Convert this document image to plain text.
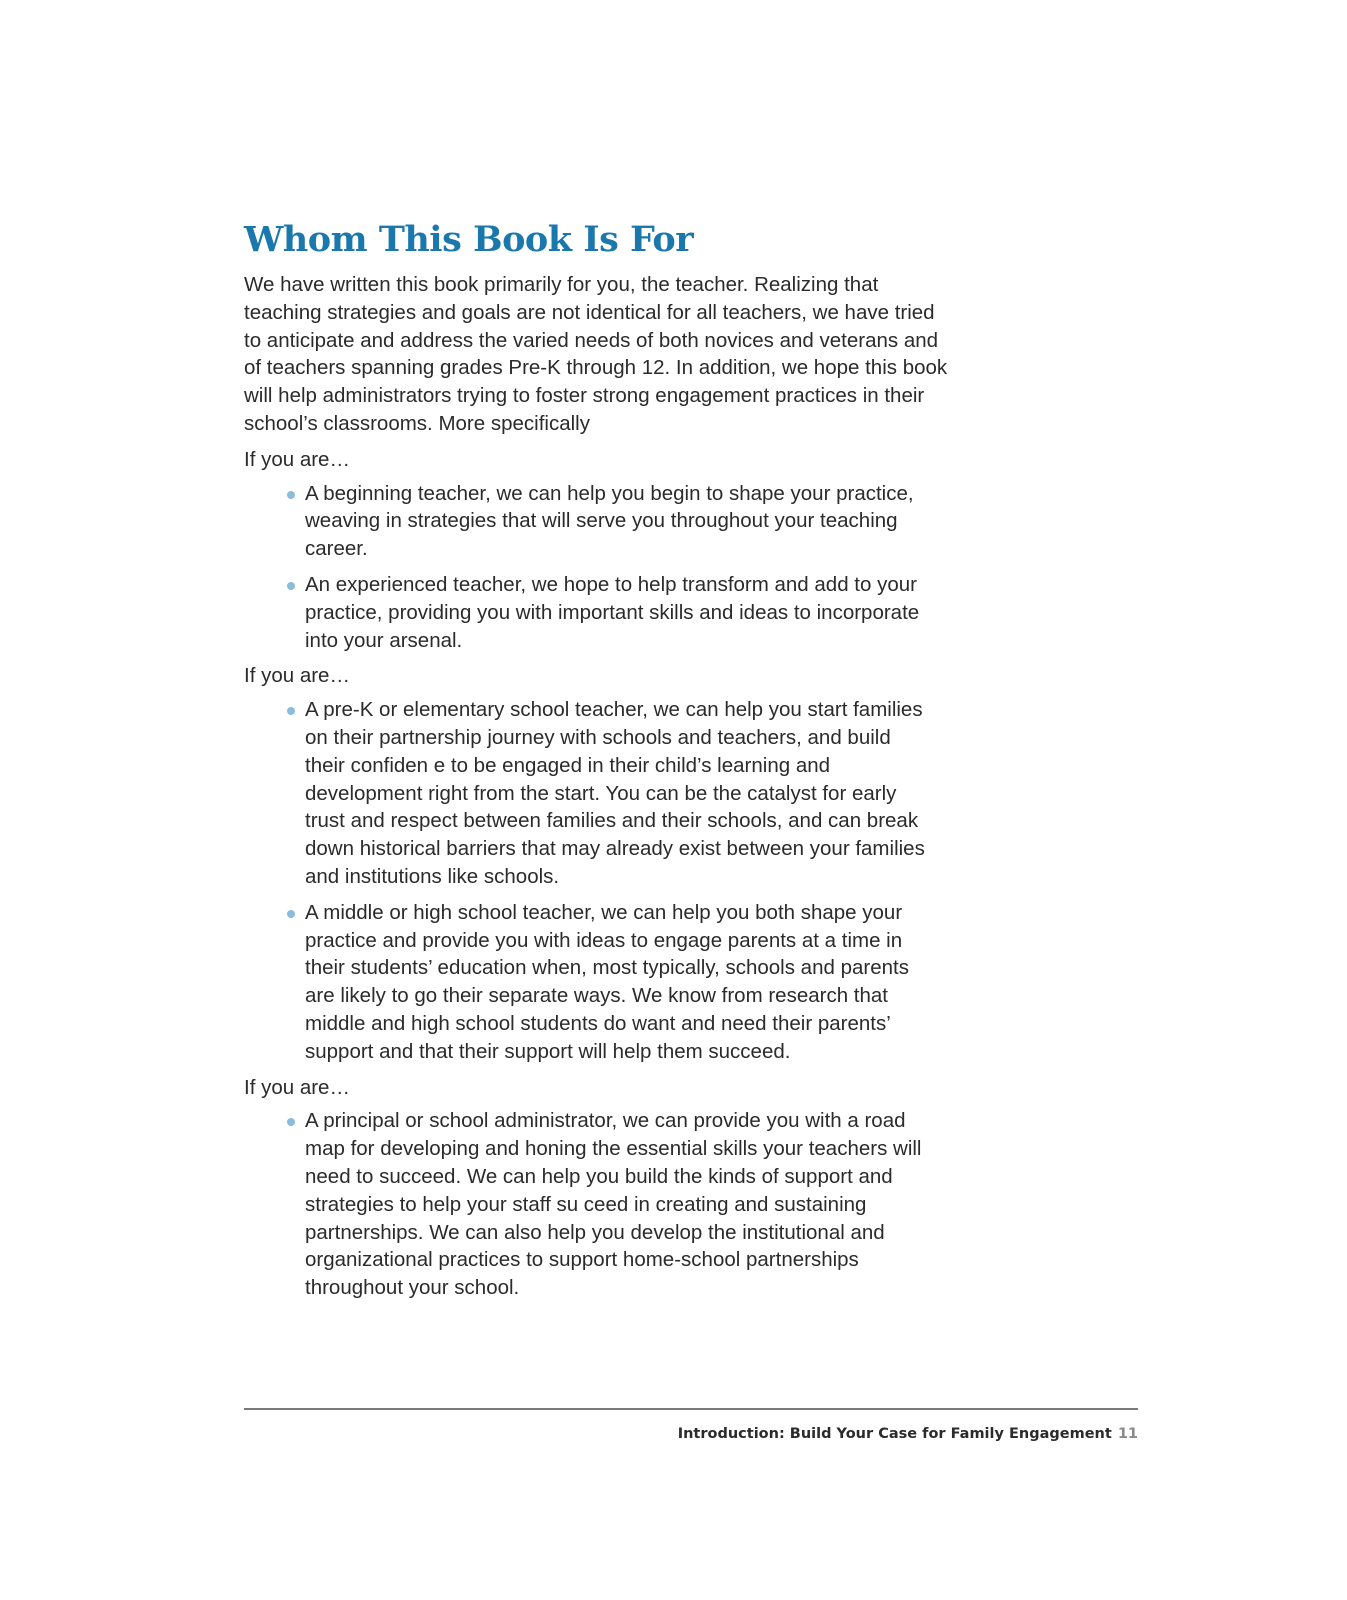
Whom This Book Is For

We have written this book primarily for you, the teacher. Realizing that teaching strategies and goals are not identical for all teachers, we have tried to anticipate and address the varied needs of both novices and veterans and of teachers spanning grades Pre-K through 12. In addition, we hope this book will help administrators trying to foster strong engagement practices in their school’s classrooms. More specifically

If you are…

A beginning teacher, we can help you begin to shape your practice, weaving in strategies that will serve you throughout your teaching career.
An experienced teacher, we hope to help transform and add to your practice, providing you with important skills and ideas to incorporate into your arsenal.

If you are…

A pre-K or elementary school teacher, we can help you start families on their partnership journey with schools and teachers, and build their confiden e to be engaged in their child’s learning and development right from the start. You can be the catalyst for early trust and respect between families and their schools, and can break down historical barriers that may already exist between your families and institutions like schools.
A middle or high school teacher, we can help you both shape your practice and provide you with ideas to engage parents at a time in their students’ education when, most typically, schools and parents are likely to go their separate ways. We know from research that middle and high school students do want and need their parents’ support and that their support will help them succeed.

If you are…

A principal or school administrator, we can provide you with a road map for developing and honing the essential skills your teachers will need to succeed. We can help you build the kinds of support and strategies to help your staff su ceed in creating and sustaining partnerships. We can also help you develop the institutional and organizational practices to support home-school partnerships throughout your school.
Introduction: Build Your Case for Family Engagement 11
